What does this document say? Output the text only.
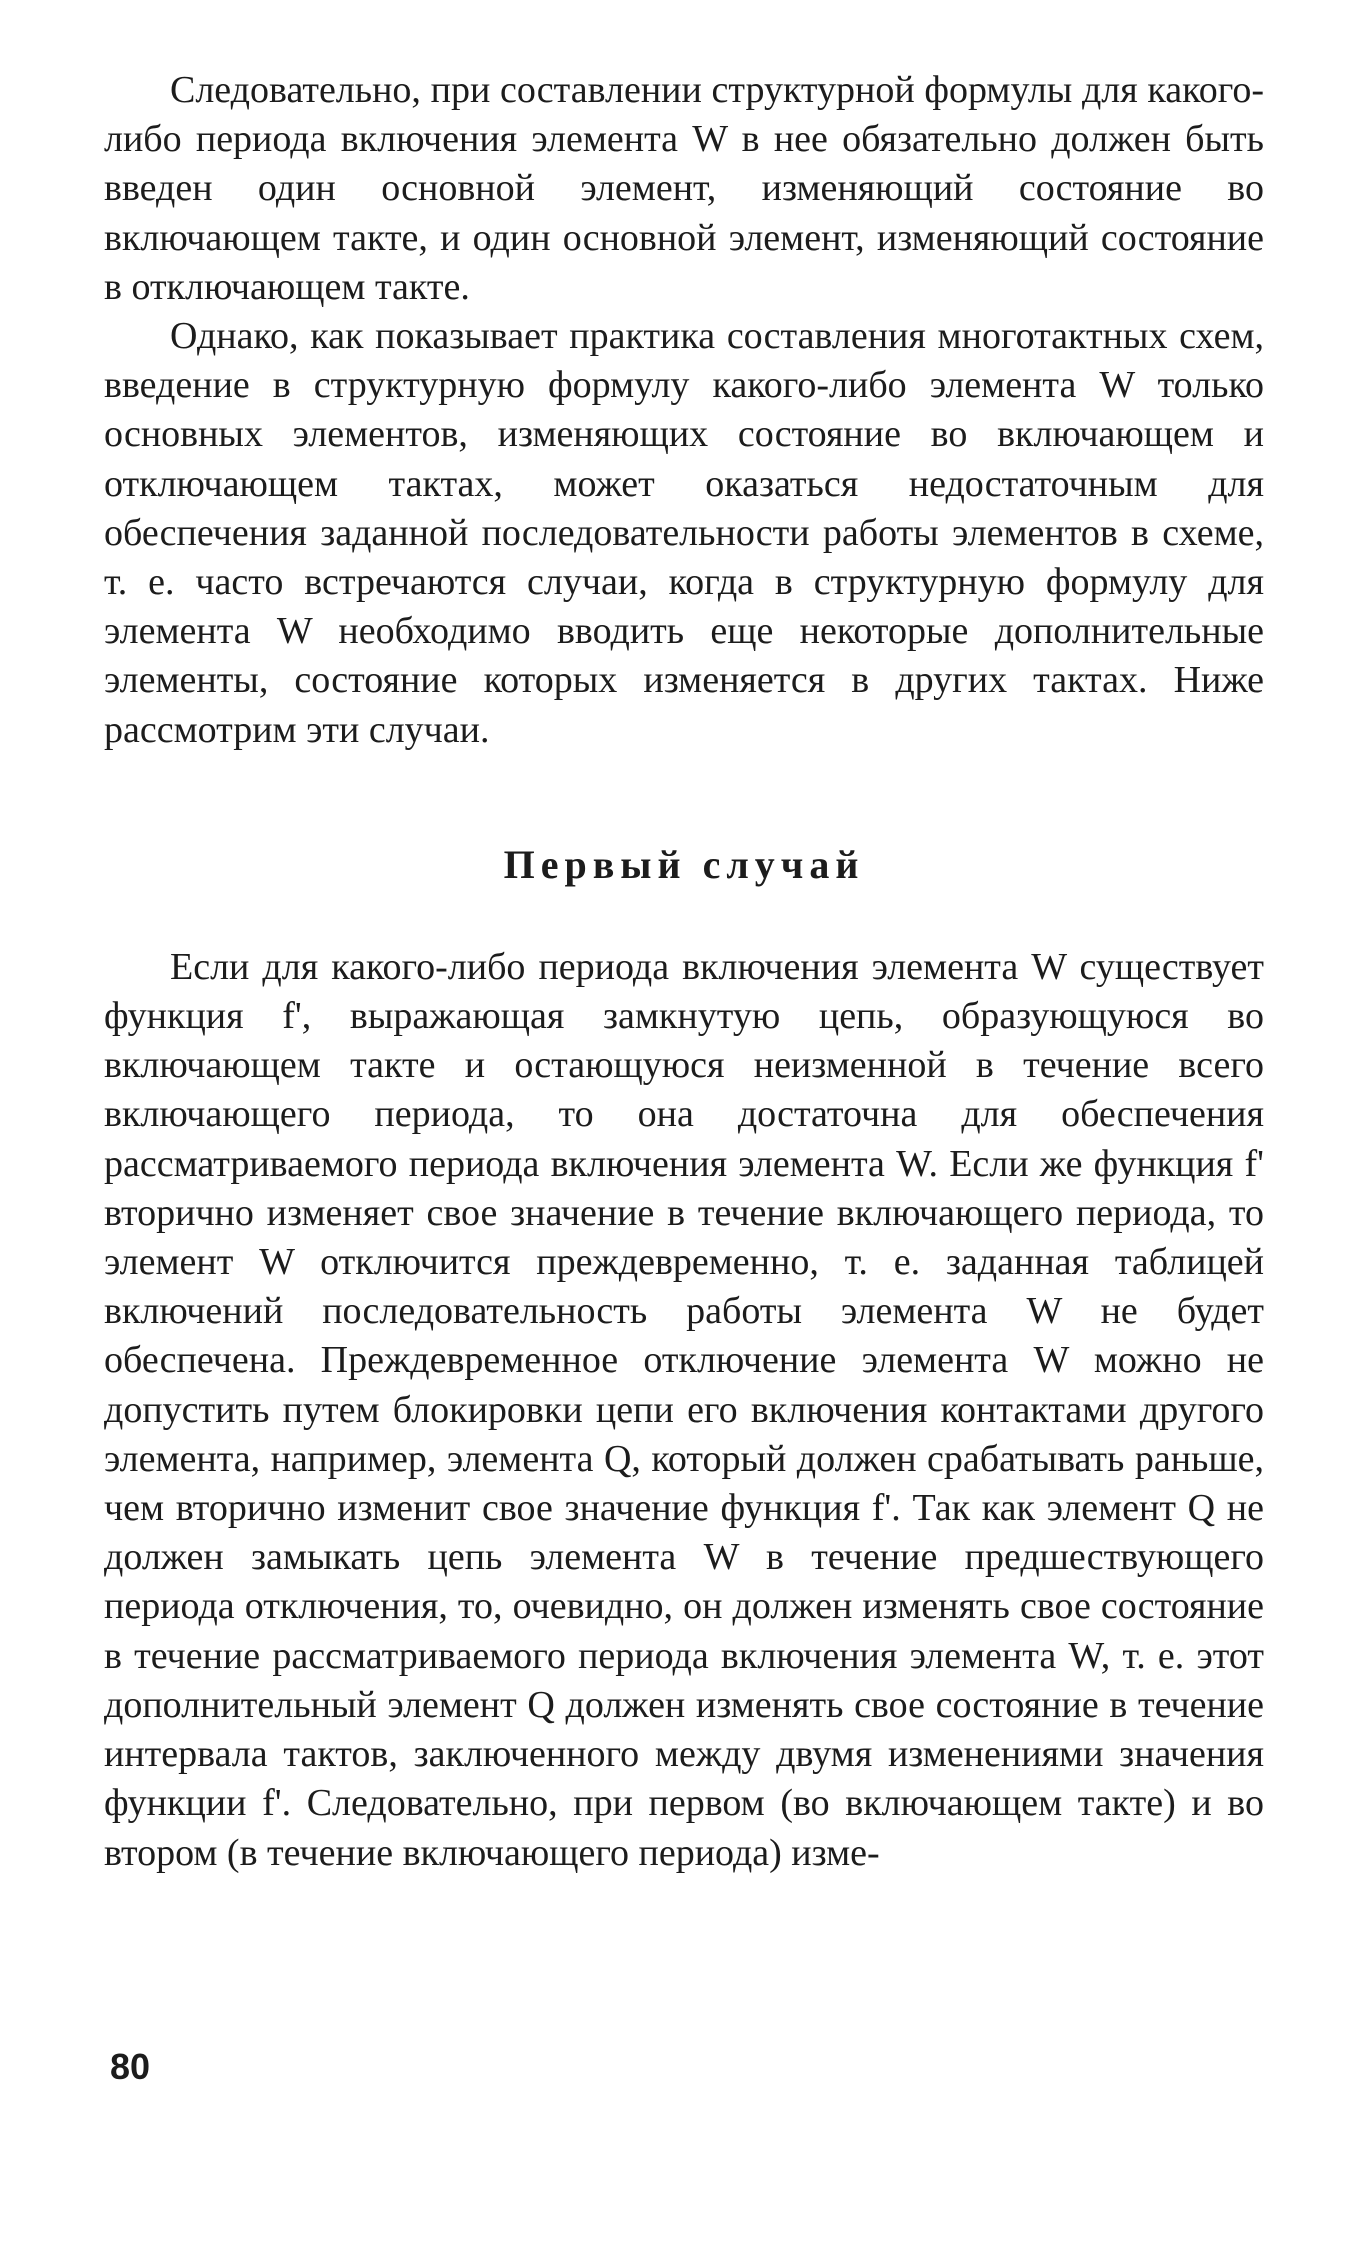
Следовательно, при составлении структурной формулы для какого-либо периода включения элемента W в нее обязательно должен быть введен один основной элемент, изменяющий состояние во включающем такте, и один основной элемент, изменяющий состояние в отключающем такте.

Однако, как показывает практика составления многотактных схем, введение в структурную формулу какого-либо элемента W только основных элементов, изменяющих состояние во включающем и отключающем тактах, может оказаться недостаточным для обеспечения заданной последовательности работы элементов в схеме, т. е. часто встречаются случаи, когда в структурную формулу для элемента W необходимо вводить еще некоторые дополнительные элементы, состояние которых изменяется в других тактах. Ниже рассмотрим эти случаи.

Первый случай

Если для какого-либо периода включения элемента W существует функция f', выражающая замкнутую цепь, образующуюся во включающем такте и остающуюся неизменной в течение всего включающего периода, то она достаточна для обеспечения рассматриваемого периода включения элемента W. Если же функция f' вторично изменяет свое значение в течение включающего периода, то элемент W отключится преждевременно, т. е. заданная таблицей включений последовательность работы элемента W не будет обеспечена. Преждевременное отключение элемента W можно не допустить путем блокировки цепи его включения контактами другого элемента, например, элемента Q, который должен срабатывать раньше, чем вторично изменит свое значение функция f'. Так как элемент Q не должен замыкать цепь элемента W в течение предшествующего периода отключения, то, очевидно, он должен изменять свое состояние в течение рассматриваемого периода включения элемента W, т. е. этот дополнительный элемент Q должен изменять свое состояние в течение интервала тактов, заключенного между двумя изменениями значения функции f'. Следовательно, при первом (во включающем такте) и во втором (в течение включающего периода) изме-

80
